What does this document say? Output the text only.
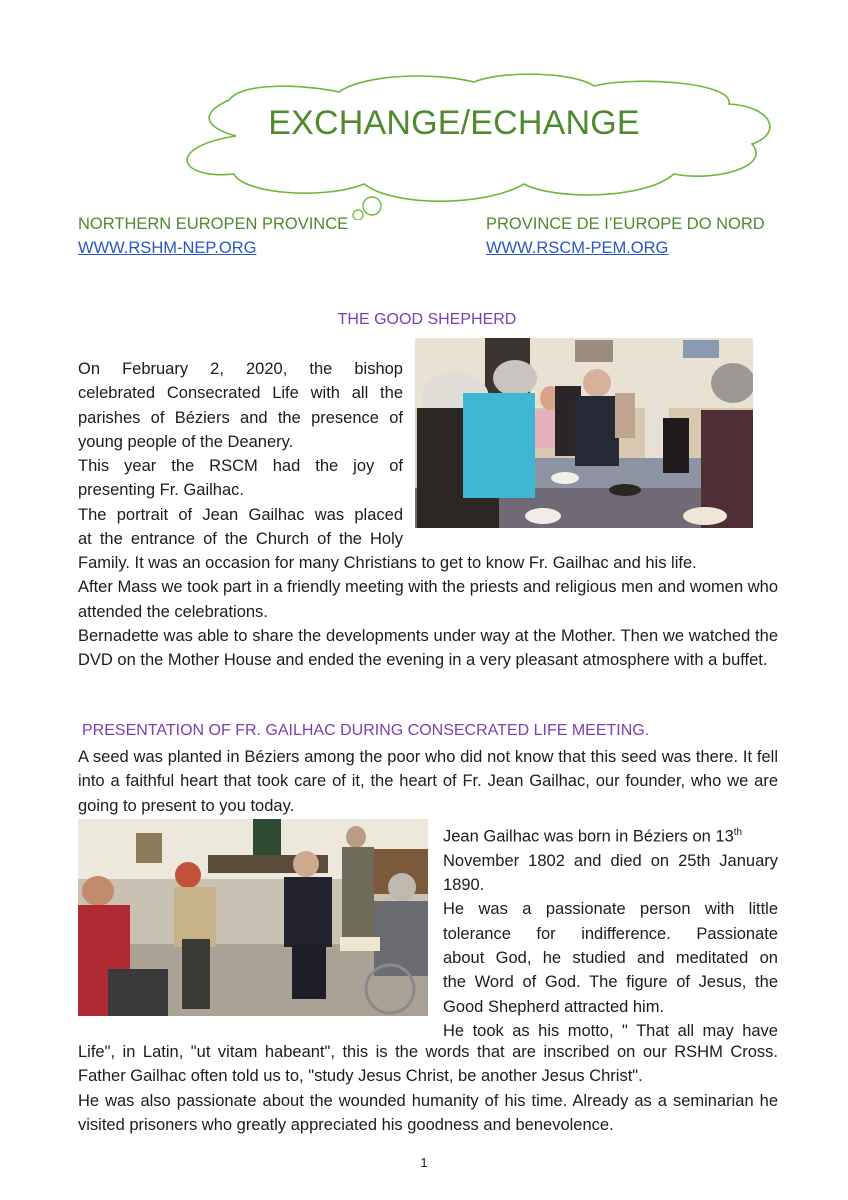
EXCHANGE/ECHANGE
NORTHERN EUROPEN PROVINCE
WWW.RSHM-NEP.ORG
PROVINCE DE I’EUROPE DO NORD
WWW.RSCM-PEM.ORG
THE GOOD SHEPHERD

On February 2, 2020, the bishop

celebrated Consecrated Life with all the

parishes of Béziers and the presence of

young people of the Deanery.

This year the RSCM had the joy of

presenting Fr. Gailhac.

The portrait of Jean Gailhac was placed

at the entrance of the Church of the Holy

Family. It was an occasion for many Christians to get to know Fr. Gailhac and his life.

After Mass we took part in a friendly meeting with the priests and religious men and women who attended the celebrations.

Bernadette was able to share the developments under way at the Mother. Then we watched the DVD on the Mother House and ended the evening in a very pleasant atmosphere with a buffet.

PRESENTATION OF FR. GAILHAC DURING CONSECRATED LIFE MEETING.

A seed was planted in Béziers among the poor who did not know that this seed was there. It fell into a faithful heart that took care of it, the heart of Fr. Jean Gailhac, our founder, who we are going to present to you today.

Jean Gailhac was born in Béziers on 13th

November 1802 and died on 25th January

1890.

He was a passionate person with little

tolerance for indifference. Passionate

about God, he studied and meditated on

the Word of God. The figure of Jesus, the

Good Shepherd attracted him.

He took as his motto, " That all may have

Life", in Latin, "ut vitam habeant", this is the words that are inscribed on our RSHM Cross. Father Gailhac often told us to, "study Jesus Christ, be another Jesus Christ".

He was also passionate about the wounded humanity of his time. Already as a seminarian he visited prisoners who greatly appreciated his goodness and benevolence.

1
